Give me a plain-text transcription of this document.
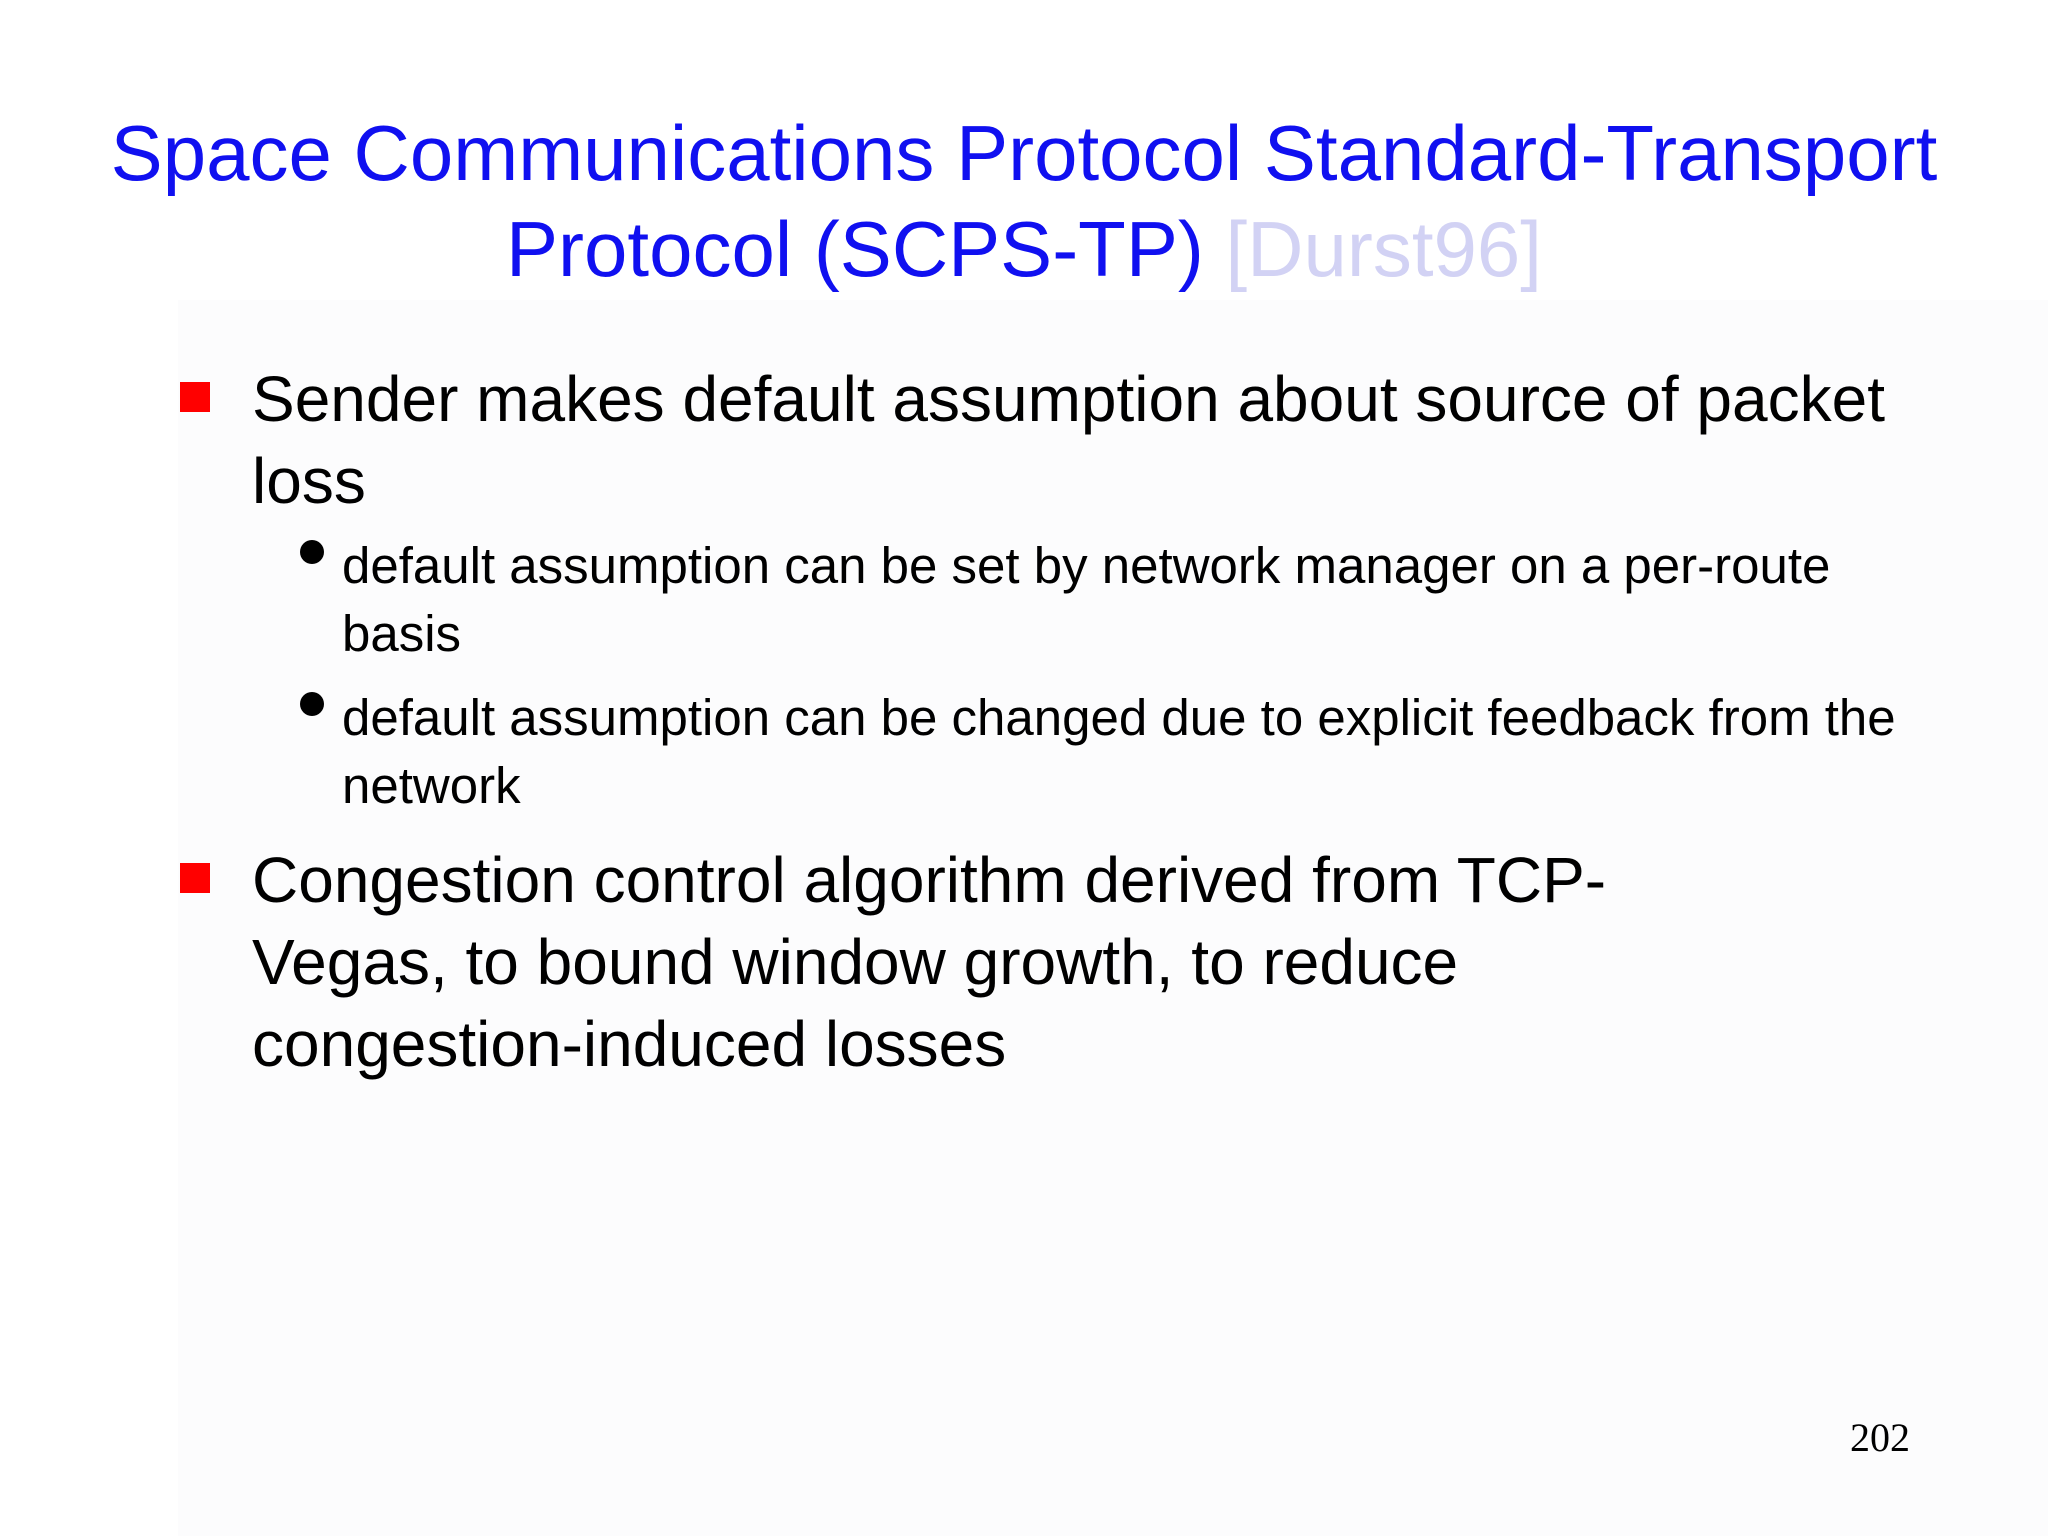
Space Communications Protocol Standard-Transport Protocol (SCPS-TP) [Durst96]
Sender makes default assumption about source of packet loss
default assumption can be set by network manager on a per-route basis
default assumption can be changed due to explicit feedback from the network
Congestion control algorithm derived from TCP-Vegas, to bound window growth, to reduce congestion-induced losses
202
